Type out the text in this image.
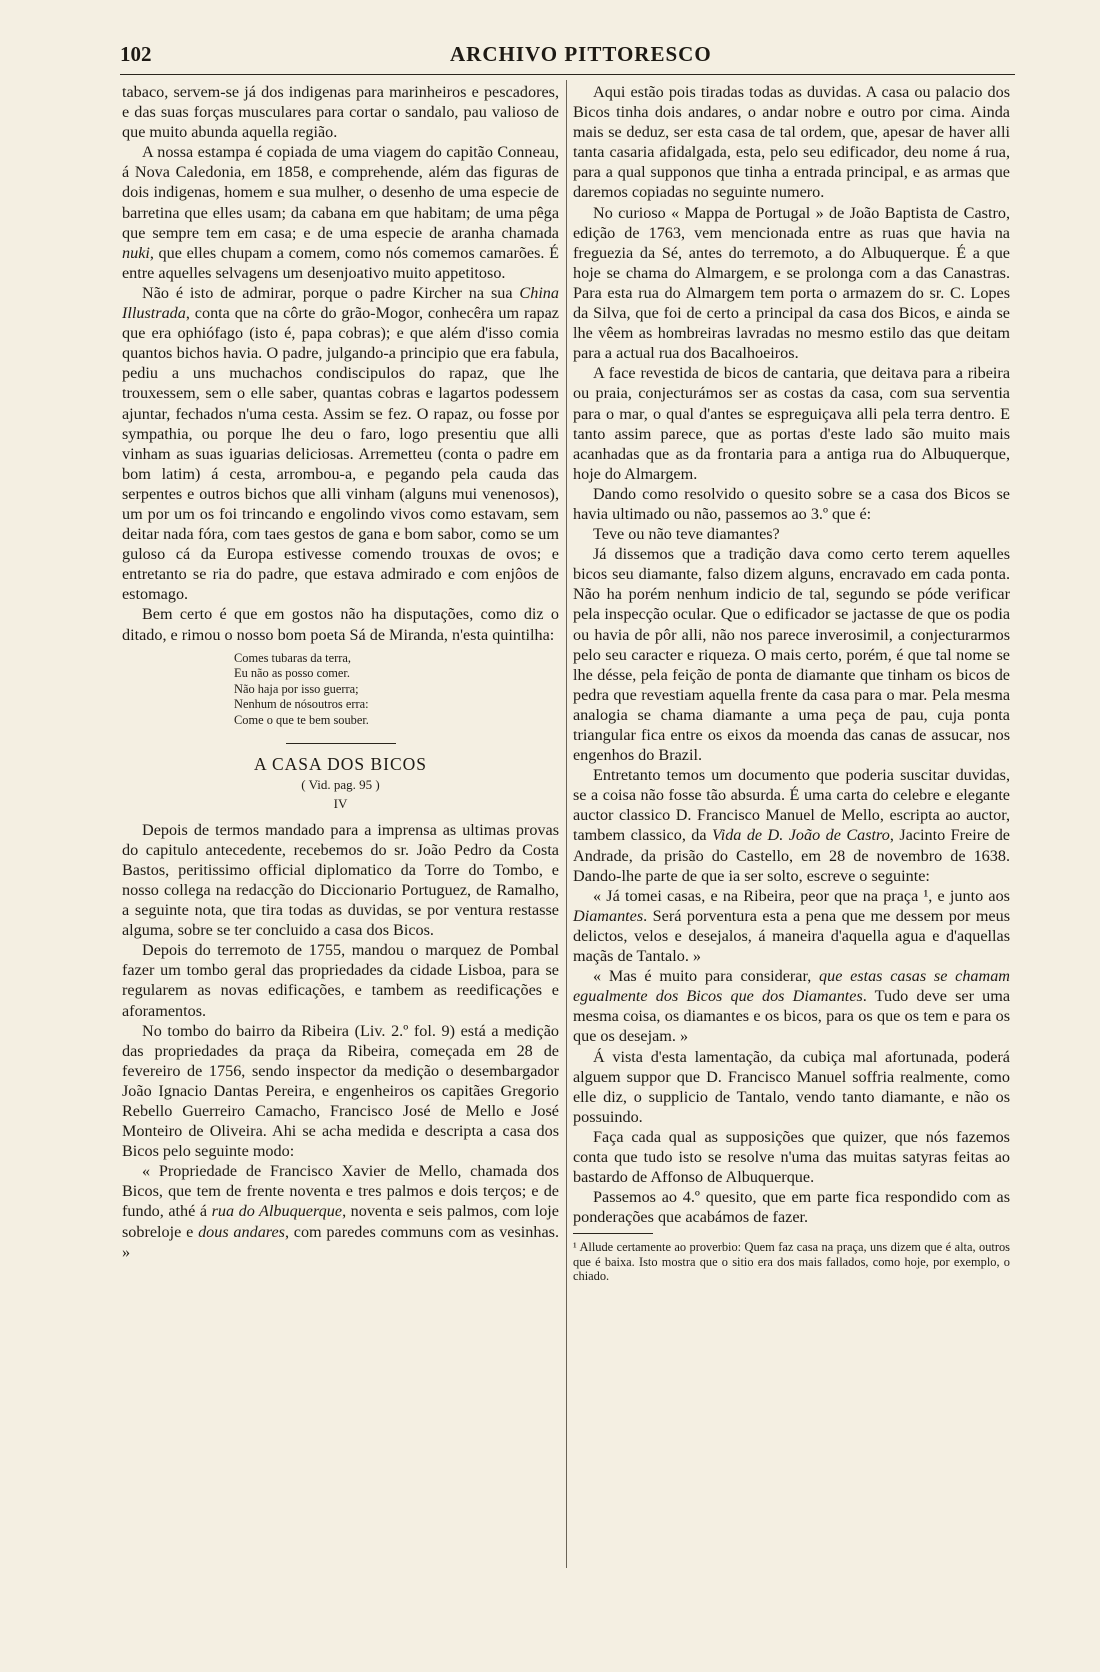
102	ARCHIVO PITTORESCO

tabaco, servem-se já dos indigenas para marinheiros e pescadores, e das suas forças musculares para cortar o sandalo, pau valioso de que muito abunda aquella região.

A nossa estampa é copiada de uma viagem do capitão Conneau, á Nova Caledonia, em 1858, e comprehende, além das figuras de dois indigenas, homem e sua mulher, o desenho de uma especie de barretina que elles usam; da cabana em que habitam; de uma pêga que sempre tem em casa; e de uma especie de aranha chamada nuki, que elles chupam a comem, como nós comemos camarões. É entre aquelles selvagens um desenjoativo muito appetitoso.

Não é isto de admirar, porque o padre Kircher na sua China Illustrada, conta que na côrte do grão-Mogor, conhecêra um rapaz que era ophiófago (isto é, papa cobras); e que além d'isso comia quantos bichos havia. O padre, julgando-a principio que era fabula, pediu a uns muchachos condiscipulos do rapaz, que lhe trouxessem, sem o elle saber, quantas cobras e lagartos podessem ajuntar, fechados n'uma cesta. Assim se fez. O rapaz, ou fosse por sympathia, ou porque lhe deu o faro, logo presentiu que alli vinham as suas iguarias deliciosas. Arremetteu (conta o padre em bom latim) á cesta, arrombou-a, e pegando pela cauda das serpentes e outros bichos que alli vinham (alguns mui venenosos), um por um os foi trincando e engolindo vivos como estavam, sem deitar nada fóra, com taes gestos de gana e bom sabor, como se um guloso cá da Europa estivesse comendo trouxas de ovos; e entretanto se ria do padre, que estava admirado e com enjôos de estomago.

Bem certo é que em gostos não ha disputações, como diz o ditado, e rimou o nosso bom poeta Sá de Miranda, n'esta quintilha:

Comes tubaras da terra,
Eu não as posso comer.
Não haja por isso guerra;
Nenhum de nósoutros erra:
Come o que te bem souber.
A CASA DOS BICOS
( Vid. pag. 95 )
IV

Depois de termos mandado para a imprensa as ultimas provas do capitulo antecedente, recebemos do sr. João Pedro da Costa Bastos, peritissimo official diplomatico da Torre do Tombo, e nosso collega na redacção do Diccionario Portuguez, de Ramalho, a seguinte nota, que tira todas as duvidas, se por ventura restasse alguma, sobre se ter concluido a casa dos Bicos.

Depois do terremoto de 1755, mandou o marquez de Pombal fazer um tombo geral das propriedades da cidade Lisboa, para se regularem as novas edificações, e tambem as reedificações e aforamentos.

No tombo do bairro da Ribeira (Liv. 2.º fol. 9) está a medição das propriedades da praça da Ribeira, começada em 28 de fevereiro de 1756, sendo inspector da medição o desembargador João Ignacio Dantas Pereira, e engenheiros os capitães Gregorio Rebello Guerreiro Camacho, Francisco José de Mello e José Monteiro de Oliveira. Ahi se acha medida e descripta a casa dos Bicos pelo seguinte modo:

« Propriedade de Francisco Xavier de Mello, chamada dos Bicos, que tem de frente noventa e tres palmos e dois terços; e de fundo, athé á rua do Albuquerque, noventa e seis palmos, com loje sobreloje e dous andares, com paredes communs com as vesinhas. »

Aqui estão pois tiradas todas as duvidas. A casa ou palacio dos Bicos tinha dois andares, o andar nobre e outro por cima. Ainda mais se deduz, ser esta casa de tal ordem, que, apesar de haver alli tanta casaria afidalgada, esta, pelo seu edificador, deu nome á rua, para a qual supponos que tinha a entrada principal, e as armas que daremos copiadas no seguinte numero.

No curioso « Mappa de Portugal » de João Baptista de Castro, edição de 1763, vem mencionada entre as ruas que havia na freguezia da Sé, antes do terremoto, a do Albuquerque. É a que hoje se chama do Almargem, e se prolonga com a das Canastras. Para esta rua do Almargem tem porta o armazem do sr. C. Lopes da Silva, que foi de certo a principal da casa dos Bicos, e ainda se lhe vêem as hombreiras lavradas no mesmo estilo das que deitam para a actual rua dos Bacalhoeiros.

A face revestida de bicos de cantaria, que deitava para a ribeira ou praia, conjecturámos ser as costas da casa, com sua serventia para o mar, o qual d'antes se espreguiçava alli pela terra dentro. E tanto assim parece, que as portas d'este lado são muito mais acanhadas que as da frontaria para a antiga rua do Albuquerque, hoje do Almargem.

Dando como resolvido o quesito sobre se a casa dos Bicos se havia ultimado ou não, passemos ao 3.º que é:

Teve ou não teve diamantes?

Já dissemos que a tradição dava como certo terem aquelles bicos seu diamante, falso dizem alguns, encravado em cada ponta. Não ha porém nenhum indicio de tal, segundo se póde verificar pela inspecção ocular. Que o edificador se jactasse de que os podia ou havia de pôr alli, não nos parece inverosimil, a conjecturarmos pelo seu caracter e riqueza. O mais certo, porém, é que tal nome se lhe désse, pela feição de ponta de diamante que tinham os bicos de pedra que revestiam aquella frente da casa para o mar. Pela mesma analogia se chama diamante a uma peça de pau, cuja ponta triangular fica entre os eixos da moenda das canas de assucar, nos engenhos do Brazil.

Entretanto temos um documento que poderia suscitar duvidas, se a coisa não fosse tão absurda. É uma carta do celebre e elegante auctor classico D. Francisco Manuel de Mello, escripta ao auctor, tambem classico, da Vida de D. João de Castro, Jacinto Freire de Andrade, da prisão do Castello, em 28 de novembro de 1638. Dando-lhe parte de que ia ser solto, escreve o seguinte:

« Já tomei casas, e na Ribeira, peor que na praça ¹, e junto aos Diamantes. Será porventura esta a pena que me dessem por meus delictos, velos e desejalos, á maneira d'aquella agua e d'aquellas maçãs de Tantalo. »

« Mas é muito para considerar, que estas casas se chamam egualmente dos Bicos que dos Diamantes. Tudo deve ser uma mesma coisa, os diamantes e os bicos, para os que os tem e para os que os desejam. »

Á vista d'esta lamentação, da cubiça mal afortunada, poderá alguem suppor que D. Francisco Manuel soffria realmente, como elle diz, o supplicio de Tantalo, vendo tanto diamante, e não os possuindo.

Faça cada qual as supposições que quizer, que nós fazemos conta que tudo isto se resolve n'uma das muitas satyras feitas ao bastardo de Affonso de Albuquerque.

Passemos ao 4.º quesito, que em parte fica respondido com as ponderações que acabámos de fazer.

¹ Allude certamente ao proverbio: Quem faz casa na praça, uns dizem que é alta, outros que é baixa. Isto mostra que o sitio era dos mais fallados, como hoje, por exemplo, o chiado.
